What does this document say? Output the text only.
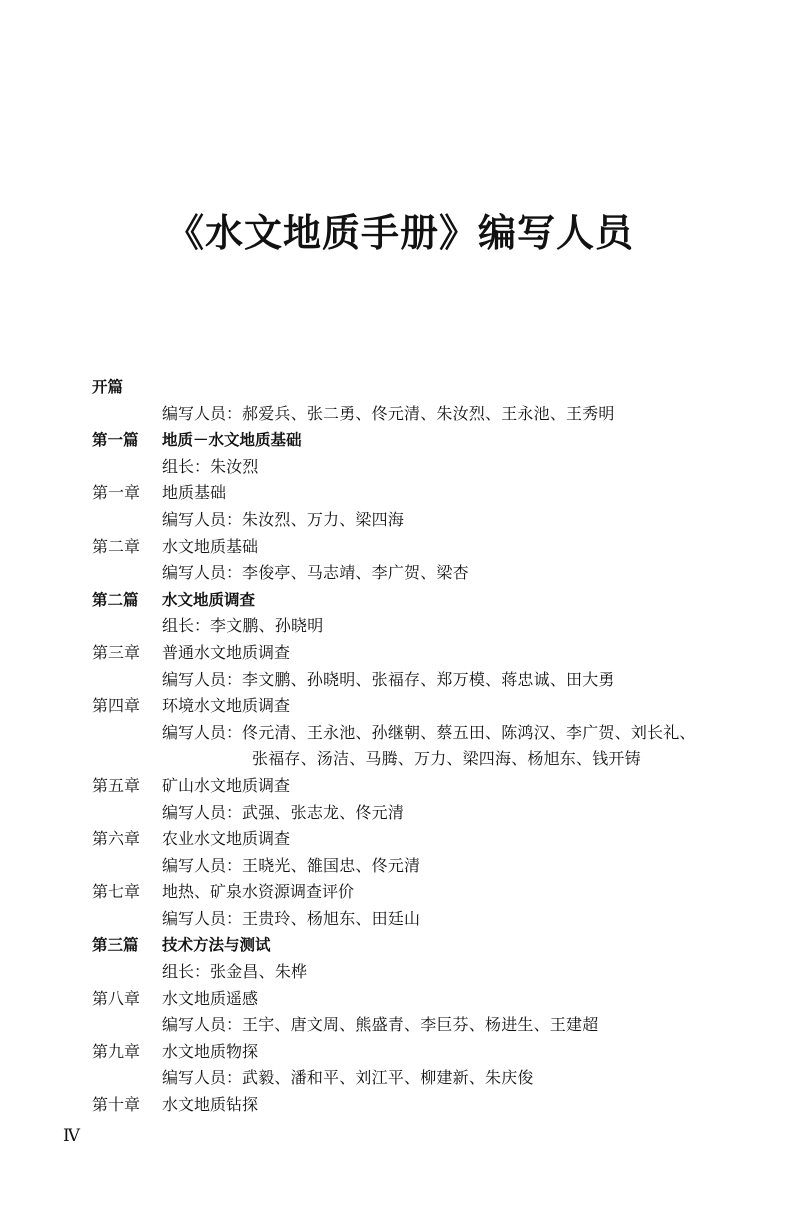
《水文地质手册》编写人员
开篇
编写人员： 郝爱兵、张二勇、佟元清、朱汝烈、王永池、王秀明
第一篇	地质－水文地质基础
组长： 朱汝烈
第一章	地质基础
编写人员： 朱汝烈、万力、梁四海
第二章	水文地质基础
编写人员： 李俊亭、马志靖、李广贺、梁杏
第二篇	水文地质调查
组长： 李文鹏、孙晓明
第三章	普通水文地质调查
编写人员： 李文鹏、孙晓明、张福存、郑万模、蒋忠诚、田大勇
第四章	环境水文地质调查
编写人员： 佟元清、王永池、孙继朝、蔡五田、陈鸿汉、李广贺、刘长礼、
张福存、汤洁、马腾、万力、梁四海、杨旭东、钱开铸
第五章	矿山水文地质调查
编写人员： 武强、张志龙、佟元清
第六章	农业水文地质调查
编写人员： 王晓光、雒国忠、佟元清
第七章	地热、矿泉水资源调查评价
编写人员： 王贵玲、杨旭东、田廷山
第三篇	技术方法与测试
组长： 张金昌、朱桦
第八章	水文地质遥感
编写人员： 王宇、唐文周、熊盛青、李巨芬、杨进生、王建超
第九章	水文地质物探
编写人员： 武毅、潘和平、刘江平、柳建新、朱庆俊
第十章	水文地质钻探
Ⅳ
